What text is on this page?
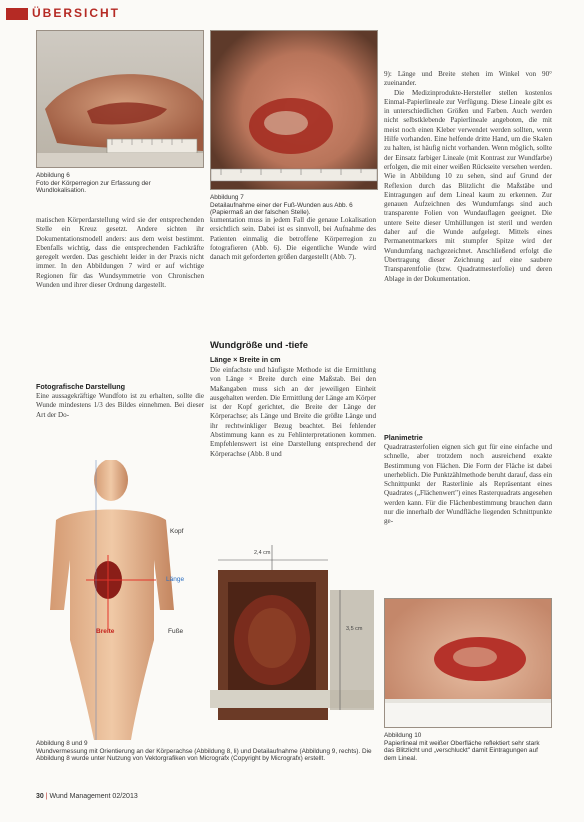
ÜBERSICHT
Abbildung 6
Foto der Körperregion zur Erfassung der Wundlokalisation.
Abbildung 7
Detailaufnahme einer der Fuß-Wunden aus Abb. 6 (Papiermaß an der falschen Stelle).

matischen Körperdarstellung wird sie der entsprechenden Stelle ein Kreuz gesetzt. Andere sichten ihr Dokumentationsmodell anders: aus dem weist bestimmt. Ebenfalls wichtig, dass die entsprechenden Fachkräfte geregelt werden. Das geschieht leider in der Praxis nicht immer. In den Abbildungen 7 wird er auf wichtige Regionen für das Wundsymmetrie von Chronischen Wunden und ihrer dieser Ordnung dargestellt.

Fotografische Darstellung

Eine aussagekräftige Wundfoto ist zu erhalten, sollte die Wunde mindestens 1/3 des Bildes einnehmen. Bei dieser Art der Do-

kumentation muss in jedem Fall die genaue Lokalisation ersichtlich sein. Dabei ist es sinnvoll, bei Aufnahme des Patienten einmalig die betroffene Körperregion zu fotografieren (Abb. 6). Die eigentliche Wunde wird danach mit geforderten größen dargestellt (Abb. 7).

Wundgröße und -tiefe
Länge × Breite in cm

Die einfachste und häufigste Methode ist die Ermittlung von Länge × Breite durch eine Maßstab. Bei den Maßangaben muss sich an der jeweiligen Einheit ausgehalten werden. Die Ermittlung der Länge am Körper ist der Kopf gerichtet, die Breite der Länge der Körperachse; als Länge und Breite die größte Länge und ihr rechtwinkliger Bezug beachtet. Bei fehlender Abstimmung kann es zu Fehlinterpretationen kommen. Empfehlenswert ist eine Darstellung entsprechend der Körperachse (Abb. 8 und

9): Länge und Breite stehen im Winkel von 90° zueinander.

Die Medizinprodukte-Hersteller stellen kostenlos Einmal-Papierlineale zur Verfügung. Diese Lineale gibt es in unterschiedlichen Größen und Farben. Auch werden nicht selbstklebende Papierlineale angeboten, die mit meist noch einen Kleber verwendet werden sollten, wenn Hilfe vorhanden. Eine helfende dritte Hand, um die Skalen zu halten, ist häufig nicht vorhanden. Wenn möglich, sollte der Einsatz farbiger Lineale (mit Kontrast zur Wundfarbe) erfolgen, die mit einer weißen Rückseite versehen werden. Wie in Abbildung 10 zu sehen, sind auf Grund der Reflexion durch das Blitzlicht die Maßstäbe und Eintragungen auf dem Lineal kaum zu erkennen. Zur genauen Aufzeichnen des Wundumfangs sind auch transparente Folien von Wundauflagen geeignet. Die untere Seite dieser Umhüllungen ist steril und werden daher auf die Wunde aufgelegt. Mittels eines Permanentmarkers mit stumpfer Spitze wird der Wundumfang nachgezeichnet. Anschließend erfolgt die Übertragung dieser Zeichnung auf eine saubere Transparentfolie (bzw. Quadratmesterfolie) und deren Ablage in der Dokumentation.

Planimetrie

Quadratrasterfolien eignen sich gut für eine einfache und schnelle, aber trotzdem noch ausreichend exakte Bestimmung von Flächen. Die Form der Fläche ist dabei unerheblich. Die Punktzählmethode beruht darauf, dass ein Schnittpunkt der Rasterlinie als Repräsentant eines Quadrates („Flächenwert") eines Rasterquadrats angesehen werden kann. Für die Flächenbestimmung brauchen dann nur die innerhalb der Wundfläche liegenden Schnittpunkte ge-

Kopf
Länge
Breite	Fuße
2,4 cm
3,5 cm
Abbildung 8 und 9
Wundvermessung mit Orientierung an der Körperachse (Abbildung 8, li) und Detailaufnahme (Abbildung 9, rechts). Die Abbildung 8 wurde unter Nutzung von Vektorgrafiken von Micrografx (Copyright by Micrografx) erstellt.
Abbildung 10
Papierlineal mit weißer Oberfläche reflektiert sehr stark das Blitzlicht und „verschluckt" damit Eintragungen auf dem Lineal.
30 | Wund Management 02/2013
